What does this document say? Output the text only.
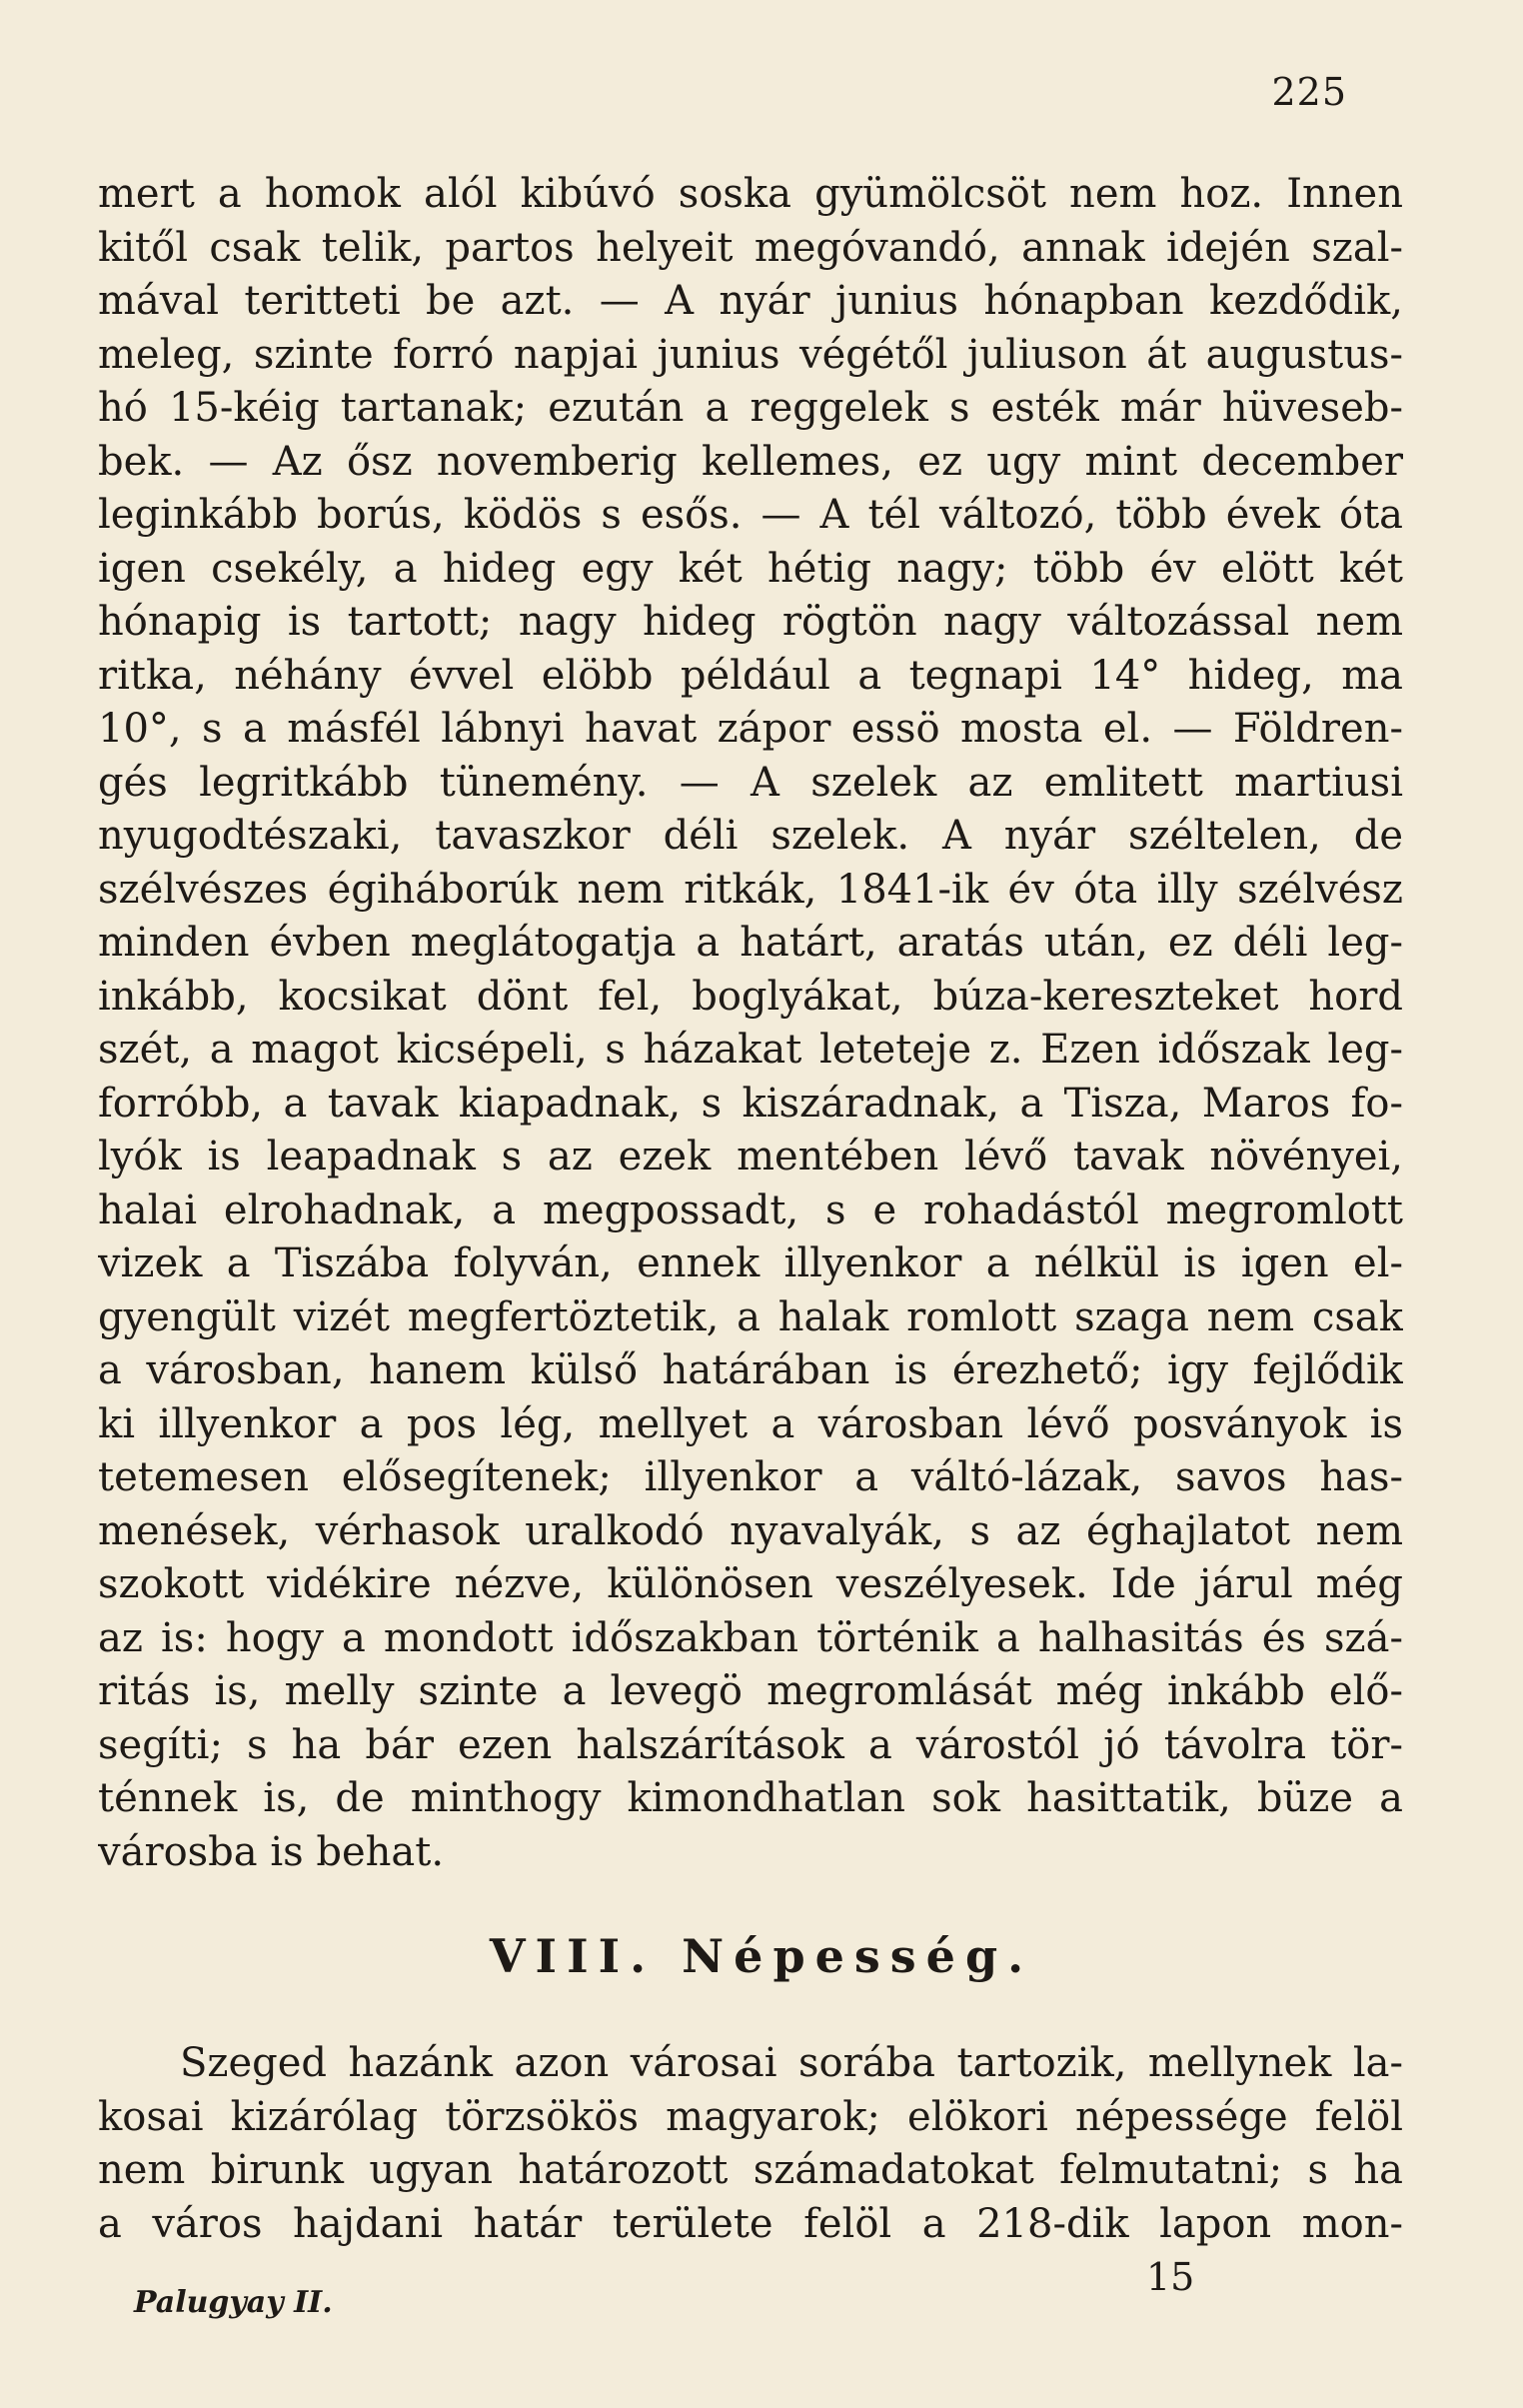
225
mert a homok alól kibúvó soska gyümölcsöt nem hoz. Innen
kitől csak telik, partos helyeit megóvandó, annak idején szal-
mával teritteti be azt. — A nyár junius hónapban kezdődik,
meleg, szinte forró napjai junius végétől juliuson át augustus-
hó 15-kéig tartanak; ezután a reggelek s esték már hüveseb-
bek. — Az ősz novemberig kellemes, ez ugy mint december
leginkább borús, ködös s esős. — A tél változó, több évek óta
igen csekély, a hideg egy két hétig nagy; több év elött két
hónapig is tartott; nagy hideg rögtön nagy változással nem
ritka, néhány évvel elöbb például a tegnapi 14° hideg, ma
10°, s a másfél lábnyi havat zápor essö mosta el. — Földren-
gés legritkább tünemény. — A szelek az emlitett martiusi
nyugodtészaki, tavaszkor déli szelek. A nyár széltelen, de
szélvészes égiháborúk nem ritkák, 1841-ik év óta illy szélvész
minden évben meglátogatja a határt, aratás után, ez déli leg-
inkább, kocsikat dönt fel, boglyákat, búza-kereszteket hord
szét, a magot kicsépeli, s házakat leteteje z. Ezen időszak leg-
forróbb, a tavak kiapadnak, s kiszáradnak, a Tisza, Maros fo-
lyók is leapadnak s az ezek mentében lévő tavak növényei,
halai elrohadnak, a megpossadt, s e rohadástól megromlott
vizek a Tiszába folyván, ennek illyenkor a nélkül is igen el-
gyengült vizét megfertöztetik, a halak romlott szaga nem csak
a városban, hanem külső határában is érezhető; igy fejlődik
ki illyenkor a pos lég, mellyet a városban lévő posványok is
tetemesen elősegítenek; illyenkor a váltó-lázak, savos has-
menések, vérhasok uralkodó nyavalyák, s az éghajlatot nem
szokott vidékire nézve, különösen veszélyesek. Ide járul még
az is: hogy a mondott időszakban történik a halhasitás és szá-
ritás is, melly szinte a levegö megromlását még inkább elő-
segíti; s ha bár ezen halszárítások a várostól jó távolra tör-
ténnek is, de minthogy kimondhatlan sok hasittatik, büze a
városba is behat.
VIII. Népesség.
Szeged hazánk azon városai sorába tartozik, mellynek la-
kosai kizárólag törzsökös magyarok; elökori népessége felöl
nem birunk ugyan határozott számadatokat felmutatni; s ha
a város hajdani határ területe felöl a 218-dik lapon mon-
Palugyay II.
15
